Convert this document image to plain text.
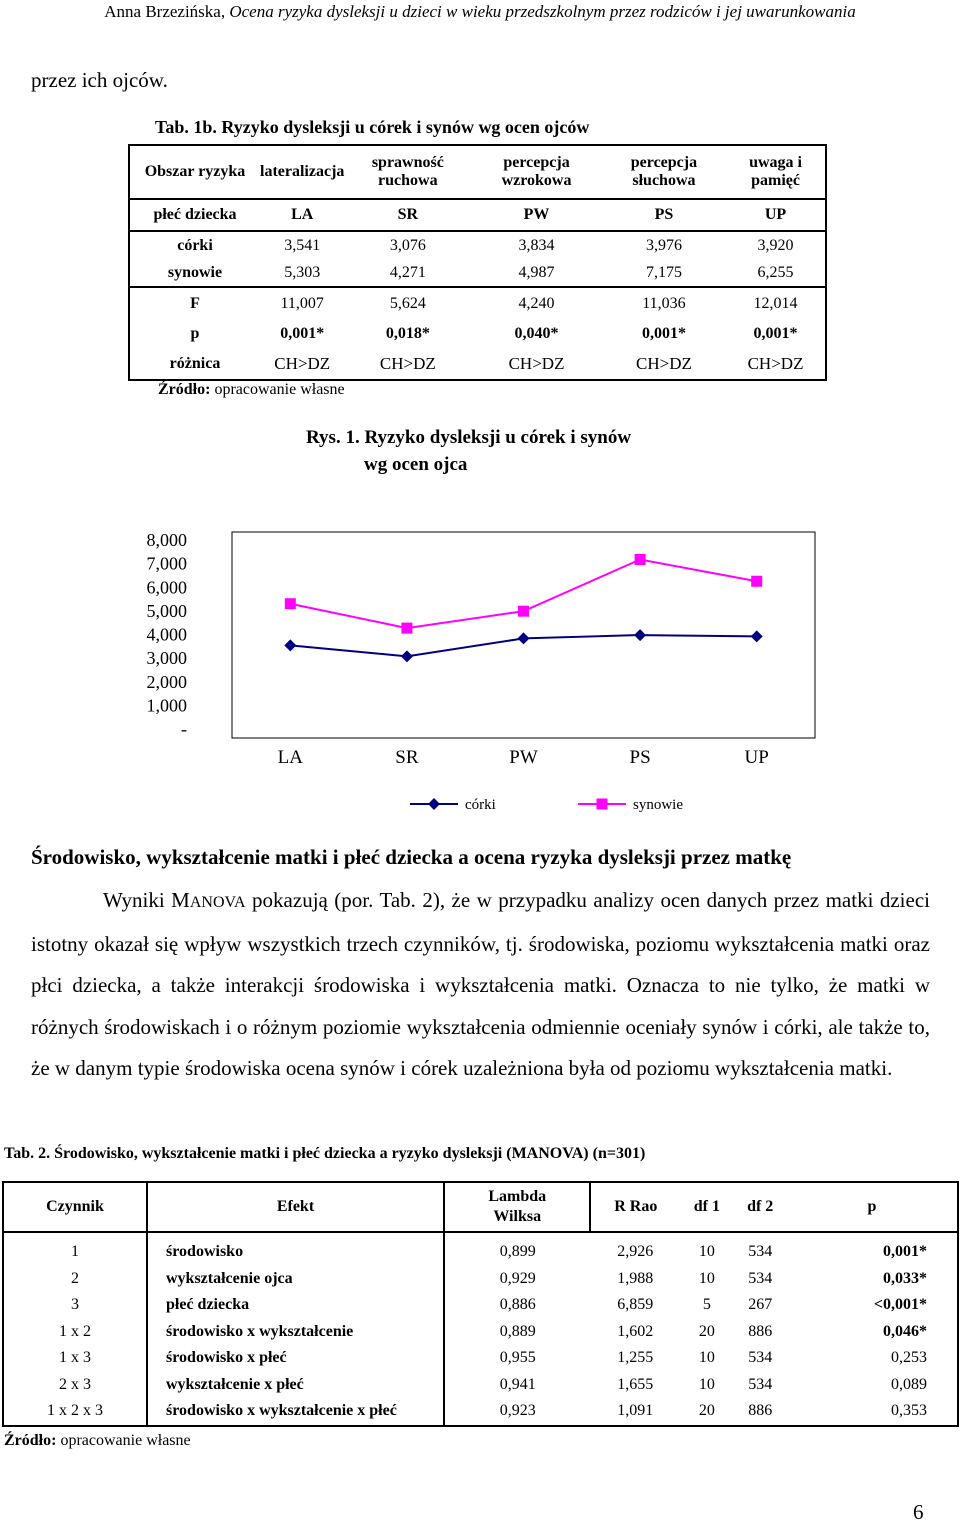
Anna Brzezińska, Ocena ryzyka dysleksji u dzieci w wieku przedszkolnym przez rodziców i jej uwarunkowania
przez ich ojców.
Tab. 1b. Ryzyko dysleksji u córek i synów wg ocen ojców
Obszar ryzyka	lateralizacja	sprawność ruchowa	percepcja wzrokowa	percepcja słuchowa	uwaga i pamięć
płeć dziecka	LA	SR	PW	PS	UP
córki	3,541	3,076	3,834	3,976	3,920
synowie	5,303	4,271	4,987	7,175	6,255
F	11,007	5,624	4,240	11,036	12,014
p	0,001*	0,018*	0,040*	0,001*	0,001*
różnica	CH>DZ	CH>DZ	CH>DZ	CH>DZ	CH>DZ
Źródło: opracowanie własne
Rys. 1. Ryzyko dysleksji u córek i synów
wg ocen ojca
8,000
7,000
6,000
5,000
4,000
3,000
2,000
1,000
-
LA	SR	PW	PS	UP
córki	synowie
Środowisko, wykształcenie matki i płeć dziecka a ocena ryzyka dysleksji przez matkę
Wyniki MANOVA pokazują (por. Tab. 2), że w przypadku analizy ocen danych przez matki dzieci istotny okazał się wpływ wszystkich trzech czynników, tj. środowiska, poziomu wykształcenia matki oraz płci dziecka, a także interakcji środowiska i wykształcenia matki. Oznacza to nie tylko, że matki w różnych środowiskach i o różnym poziomie wykształcenia odmiennie oceniały synów i córki, ale także to, że w danym typie środowiska ocena synów i córek uzależniona była od poziomu wykształcenia matki.
Tab. 2. Środowisko, wykształcenie matki i płeć dziecka a ryzyko dysleksji (MANOVA) (n=301)
Czynnik	Efekt	Lambda Wilksa	R Rao	df 1	df 2	p

1	środowisko	0,899	2,926	10	534	0,001*
2	wykształcenie ojca	0,929	1,988	10	534	0,033*
3	płeć dziecka	0,886	6,859	5	267	<0,001*
1 x 2	środowisko x wykształcenie	0,889	1,602	20	886	0,046*
1 x 3	środowisko x płeć	0,955	1,255	10	534	0,253
2 x 3	wykształcenie x płeć	0,941	1,655	10	534	0,089
1 x 2 x 3	środowisko x wykształcenie x płeć	0,923	1,091	20	886	0,353
Źródło: opracowanie własne
6
